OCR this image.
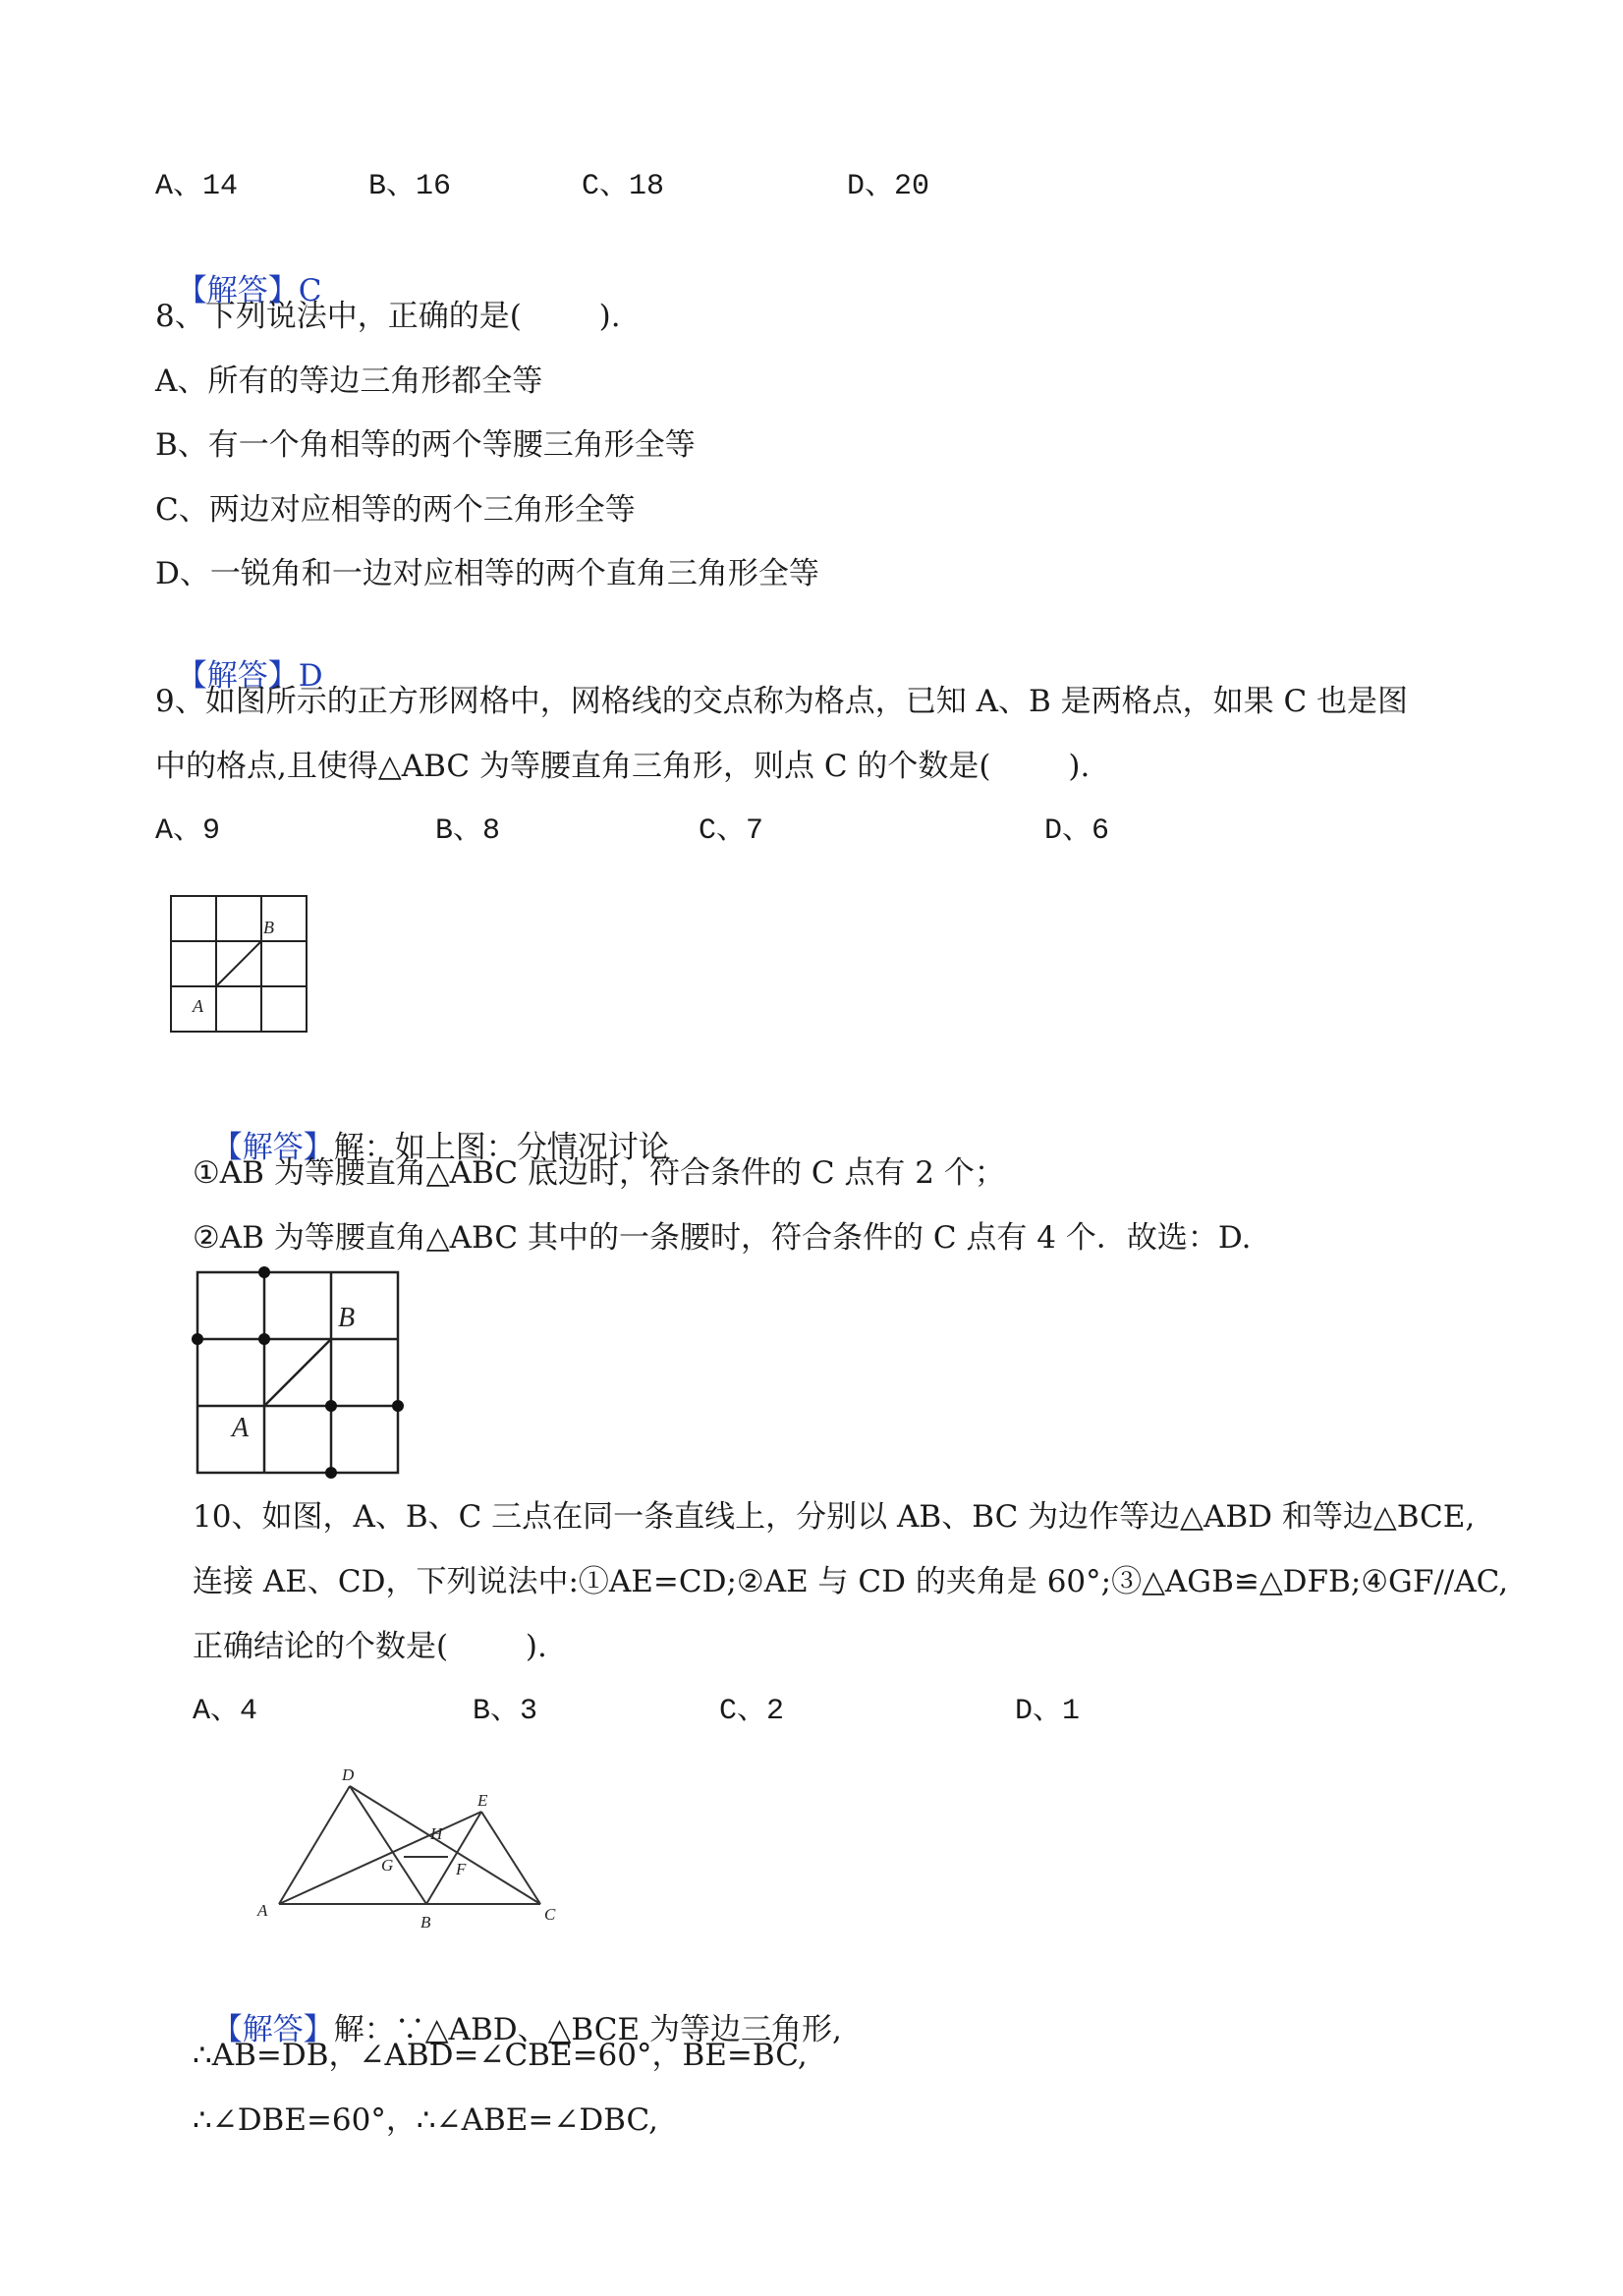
A、14	B、16	C、18	D、20

【解答】C

8、下列说法中，正确的是(        ).
A、所有的等边三角形都全等
B、有一个角相等的两个等腰三角形全等
C、两边对应相等的两个三角形全等
D、一锐角和一边对应相等的两个直角三角形全等

【解答】D

9、如图所示的正方形网格中，网格线的交点称为格点，已知 A、B 是两格点，如果 C 也是图
中的格点,且使得△ABC 为等腰直角三角形，则点 C 的个数是(        ).
A、9	B、8	C、7	D、6
B
A

【解答】解：如上图：分情况讨论

①AB 为等腰直角△ABC 底边时，符合条件的 C 点有 2 个；
②AB 为等腰直角△ABC 其中的一条腰时，符合条件的 C 点有 4 个．故选：D.
B
A
10、如图，A、B、C 三点在同一条直线上，分别以 AB、BC 为边作等边△ABD 和等边△BCE,
连接 AE、CD，下列说法中:①AE=CD;②AE 与 CD 的夹角是 60°;③△AGB≌△DFB;④GF//AC,
正确结论的个数是(        ).
A、4	B、3	C、2	D、1
D
E
H
G	F
A
B	C

【解答】解：∵△ABD、△BCE 为等边三角形,

∴AB=DB，∠ABD=∠CBE=60°，BE=BC,
∴∠DBE=60°，∴∠ABE=∠DBC,
